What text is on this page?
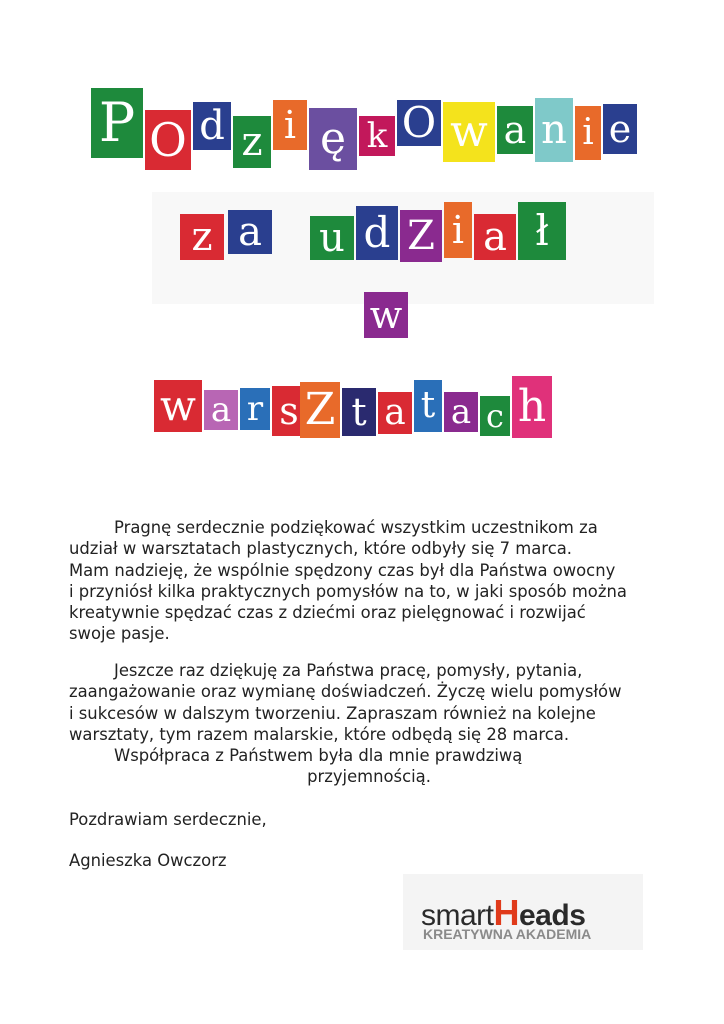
P O d z i ę k O w a n i e
z a u d Z i a ł
w
w a r s Z t a t a c h

Pragnę serdecznie podziękować wszystkim uczestnikom za
udział w warsztatach plastycznych, które odbyły się 7 marca.
Mam nadzieję, że wspólnie spędzony czas był dla Państwa owocny
i przyniósł kilka praktycznych pomysłów na to, w jaki sposób można
kreatywnie spędzać czas z dziećmi oraz pielęgnować i rozwijać
swoje pasje.

Jeszcze raz dziękuję za Państwa pracę, pomysły, pytania,
zaangażowanie oraz wymianę doświadczeń. Życzę wielu pomysłów
i sukcesów w dalszym tworzeniu. Zapraszam również na kolejne
warsztaty, tym razem malarskie, które odbędą się 28 marca.

Współpraca z Państwem była dla mnie prawdziwą
przyjemnością.

Pozdrawiam serdecznie,

Agnieszka Owczorz

smartHeads
KREATYWNA AKADEMIA
